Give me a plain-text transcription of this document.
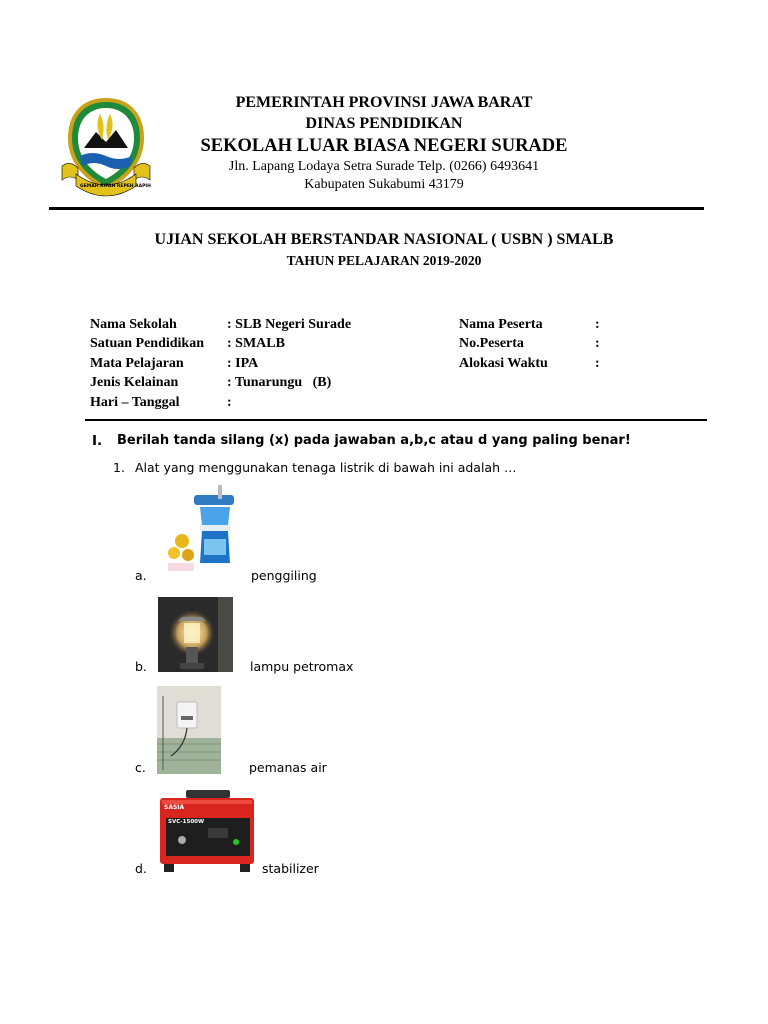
GEMAH RIPAH REPEH RAPIH
PEMERINTAH PROVINSI JAWA BARAT
DINAS PENDIDIKAN
SEKOLAH LUAR BIASA NEGERI SURADE
Jln. Lapang Lodaya Setra Surade Telp. (0266) 6493641
Kabupaten Sukabumi 43179
UJIAN SEKOLAH BERSTANDAR NASIONAL ( USBN ) SMALB
TAHUN PELAJARAN 2019-2020
Nama Sekolah	: SLB Negeri Surade
Satuan Pendidikan : SMALB
Mata Pelajaran	: IPA
Jenis Kelainan	: Tunarungu   (B)
Hari – Tanggal	:
Nama Peserta	:
No.Peserta	:
Alokasi Waktu	:
I. Berilah tanda silang (x) pada jawaban a,b,c atau d yang paling benar!
1. Alat yang menggunakan tenaga listrik di bawah ini adalah …
a.	penggiling
b.	lampu petromax
c.	pemanas air
SASIA
SVC-1500W
d.	stabilizer
